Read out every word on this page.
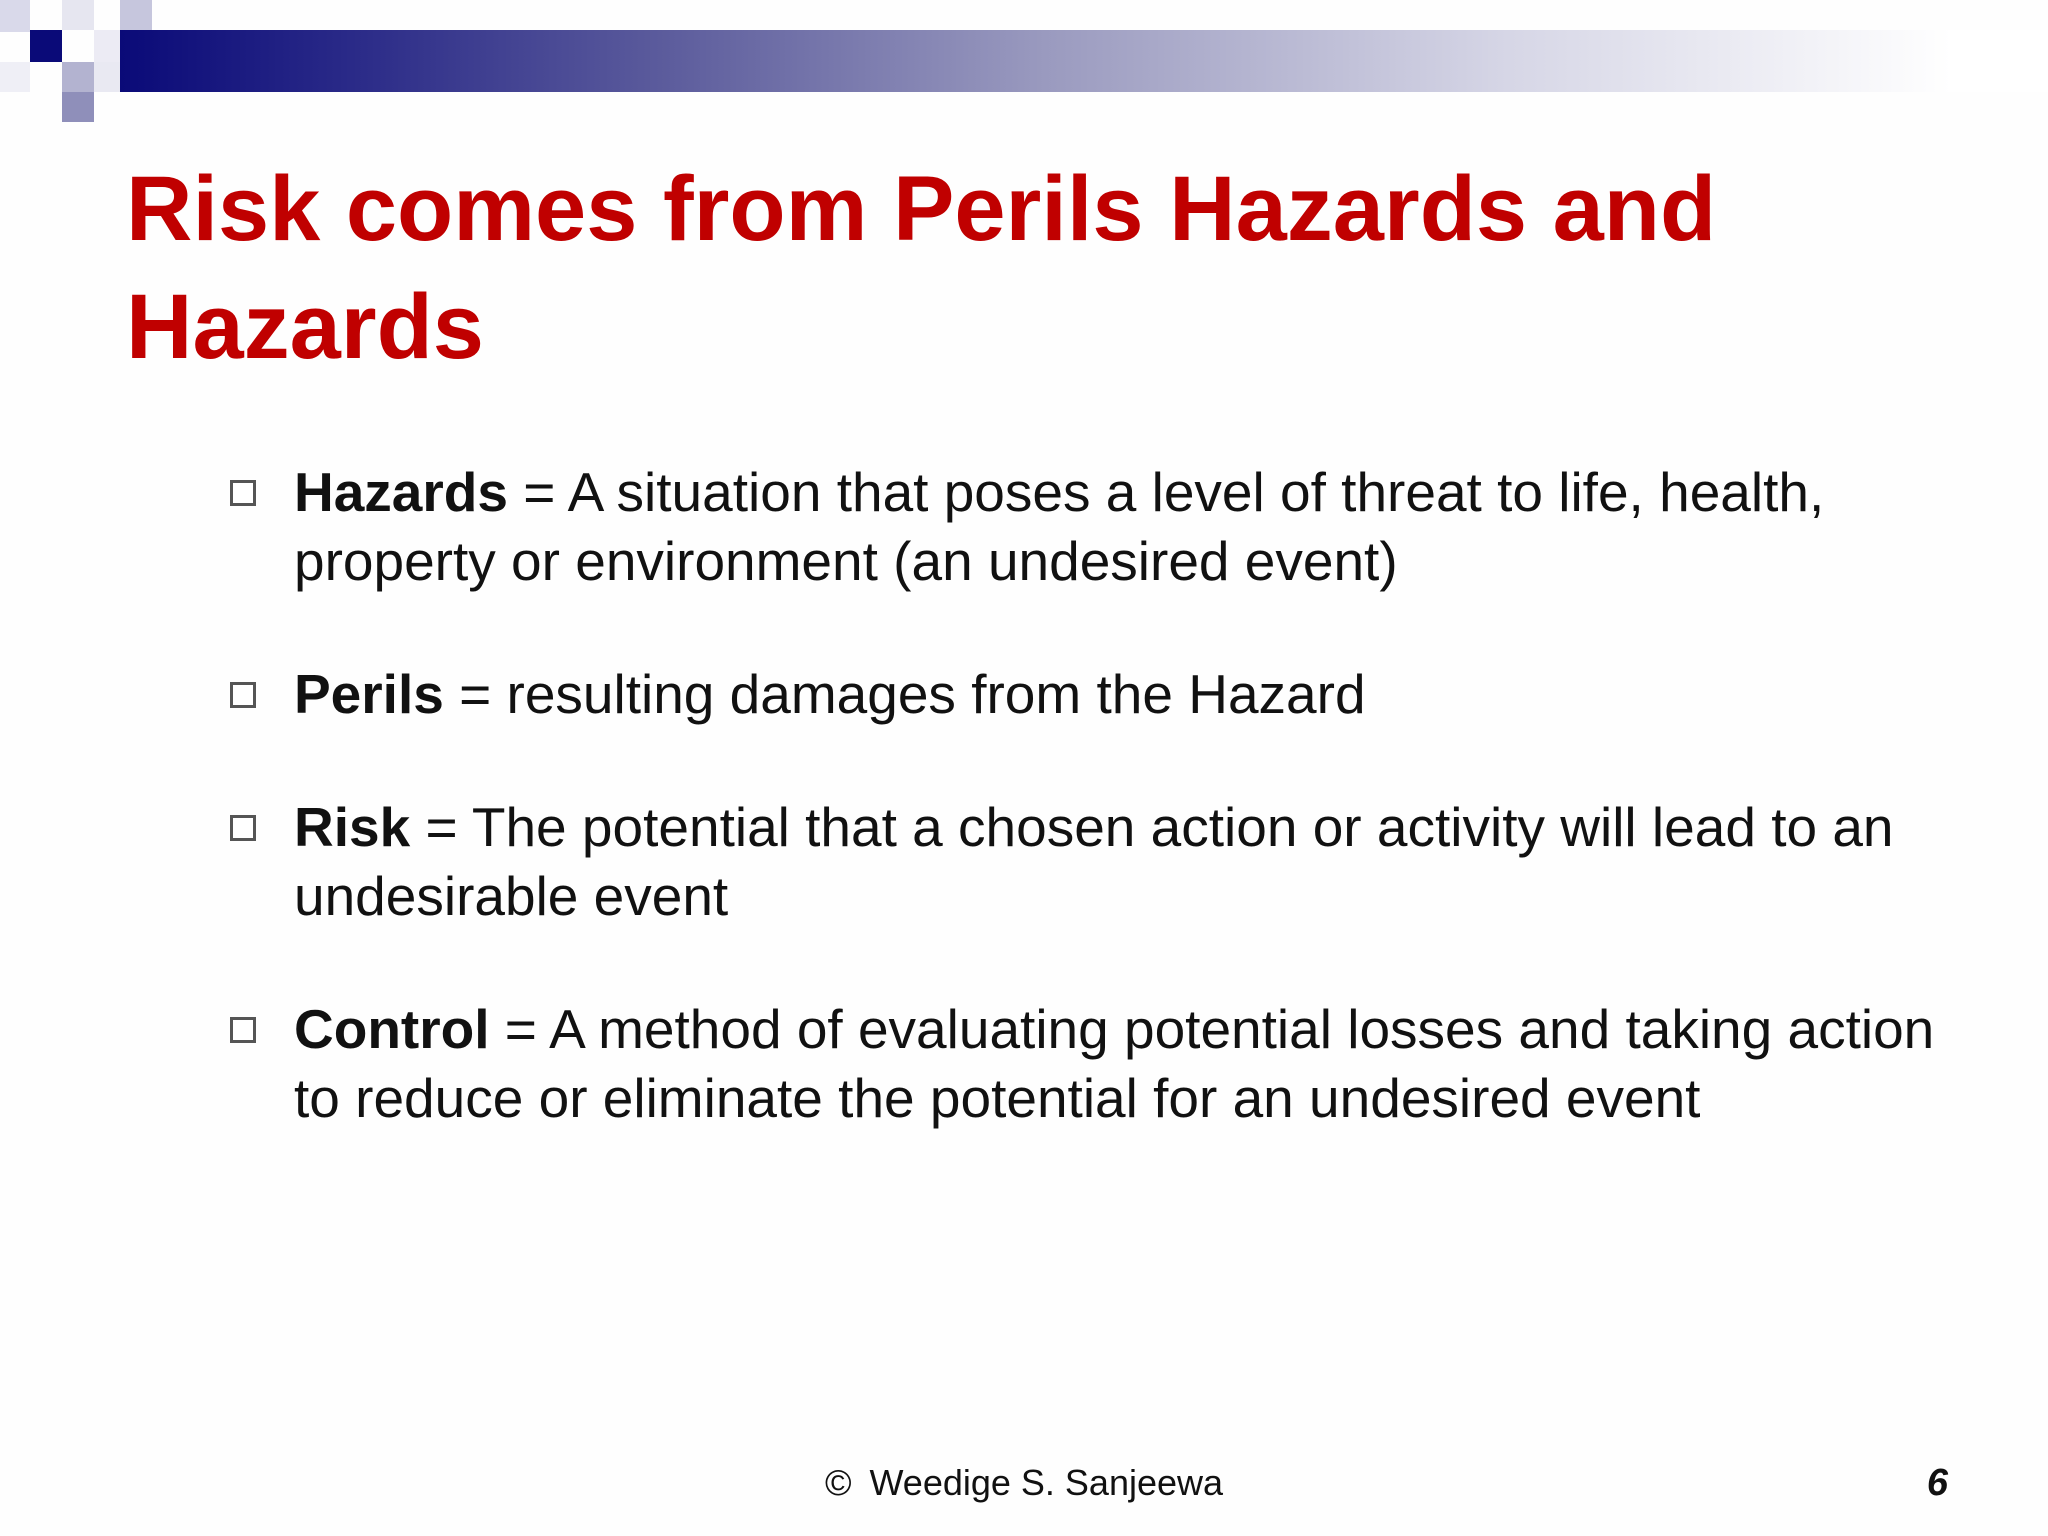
Risk comes from Perils Hazards and Hazards
Hazards = A situation that poses a level of threat to life, health, property or environment (an undesired event)
Perils = resulting damages from the Hazard
Risk = The potential that a chosen action or activity will lead to an undesirable event
Control = A method of evaluating potential losses and taking action to reduce or eliminate the potential for an undesired event
© Weedige S. Sanjeewa	6
